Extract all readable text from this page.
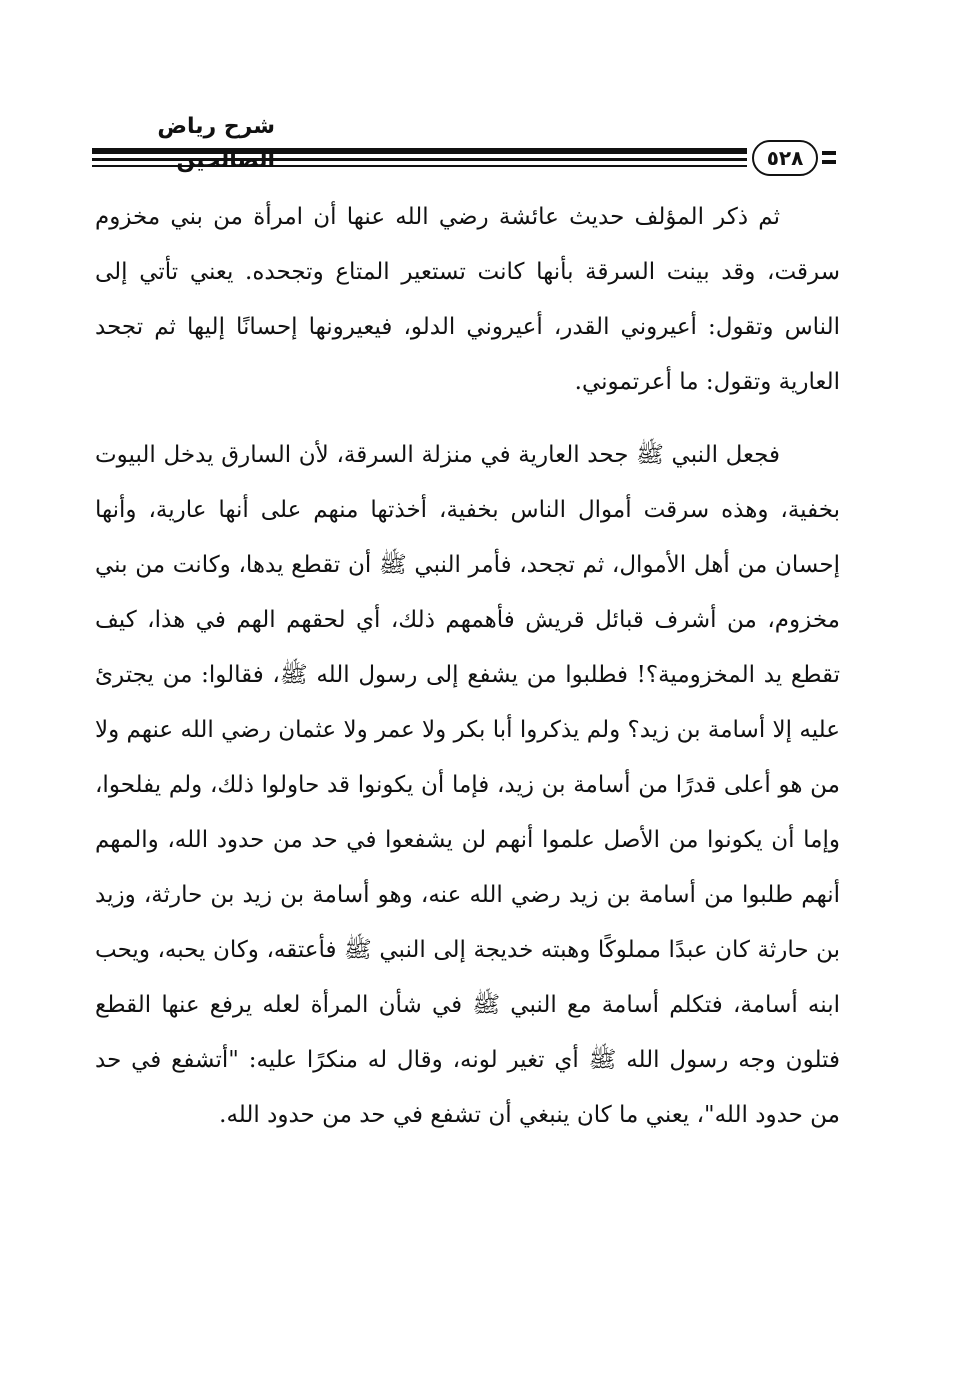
شرح رياض
٥٢٨

ثم ذكر المؤلف حديث عائشة رضي الله عنها أن امرأة من بني مخزوم سرقت، وقد بينت السرقة بأنها كانت تستعير المتاع وتجحده. يعني تأتي إلى الناس وتقول: أعيروني القدر، أعيروني الدلو، فيعيرونها إحسانًا إليها ثم تجحد العارية وتقول: ما أعرتموني.

فجعل النبي ﷺ جحد العارية في منزلة السرقة، لأن السارق يدخل البيوت بخفية، وهذه سرقت أموال الناس بخفية، أخذتها منهم على أنها عارية، وأنها إحسان من أهل الأموال، ثم تجحد، فأمر النبي ﷺ أن تقطع يدها، وكانت من بني مخزوم، من أشرف قبائل قريش فأهمهم ذلك، أي لحقهم الهم في هذا، كيف تقطع يد المخزومية؟! فطلبوا من يشفع إلى رسول الله ﷺ، فقالوا: من يجترئ عليه إلا أسامة بن زيد؟ ولم يذكروا أبا بكر ولا عمر ولا عثمان رضي الله عنهم ولا من هو أعلى قدرًا من أسامة بن زيد، فإما أن يكونوا قد حاولوا ذلك، ولم يفلحوا، وإما أن يكونوا من الأصل علموا أنهم لن يشفعوا في حد من حدود الله، والمهم أنهم طلبوا من أسامة بن زيد رضي الله عنه، وهو أسامة بن زيد بن حارثة، وزيد بن حارثة كان عبدًا مملوكًا وهبته خديجة إلى النبي ﷺ فأعتقه، وكان يحبه، ويحب ابنه أسامة، فتكلم أسامة مع النبي ﷺ في شأن المرأة لعله يرفع عنها القطع فتلون وجه رسول الله ﷺ أي تغير لونه، وقال له منكرًا عليه: "أتشفع في حد من حدود الله"، يعني ما كان ينبغي أن تشفع في حد من حدود الله.
